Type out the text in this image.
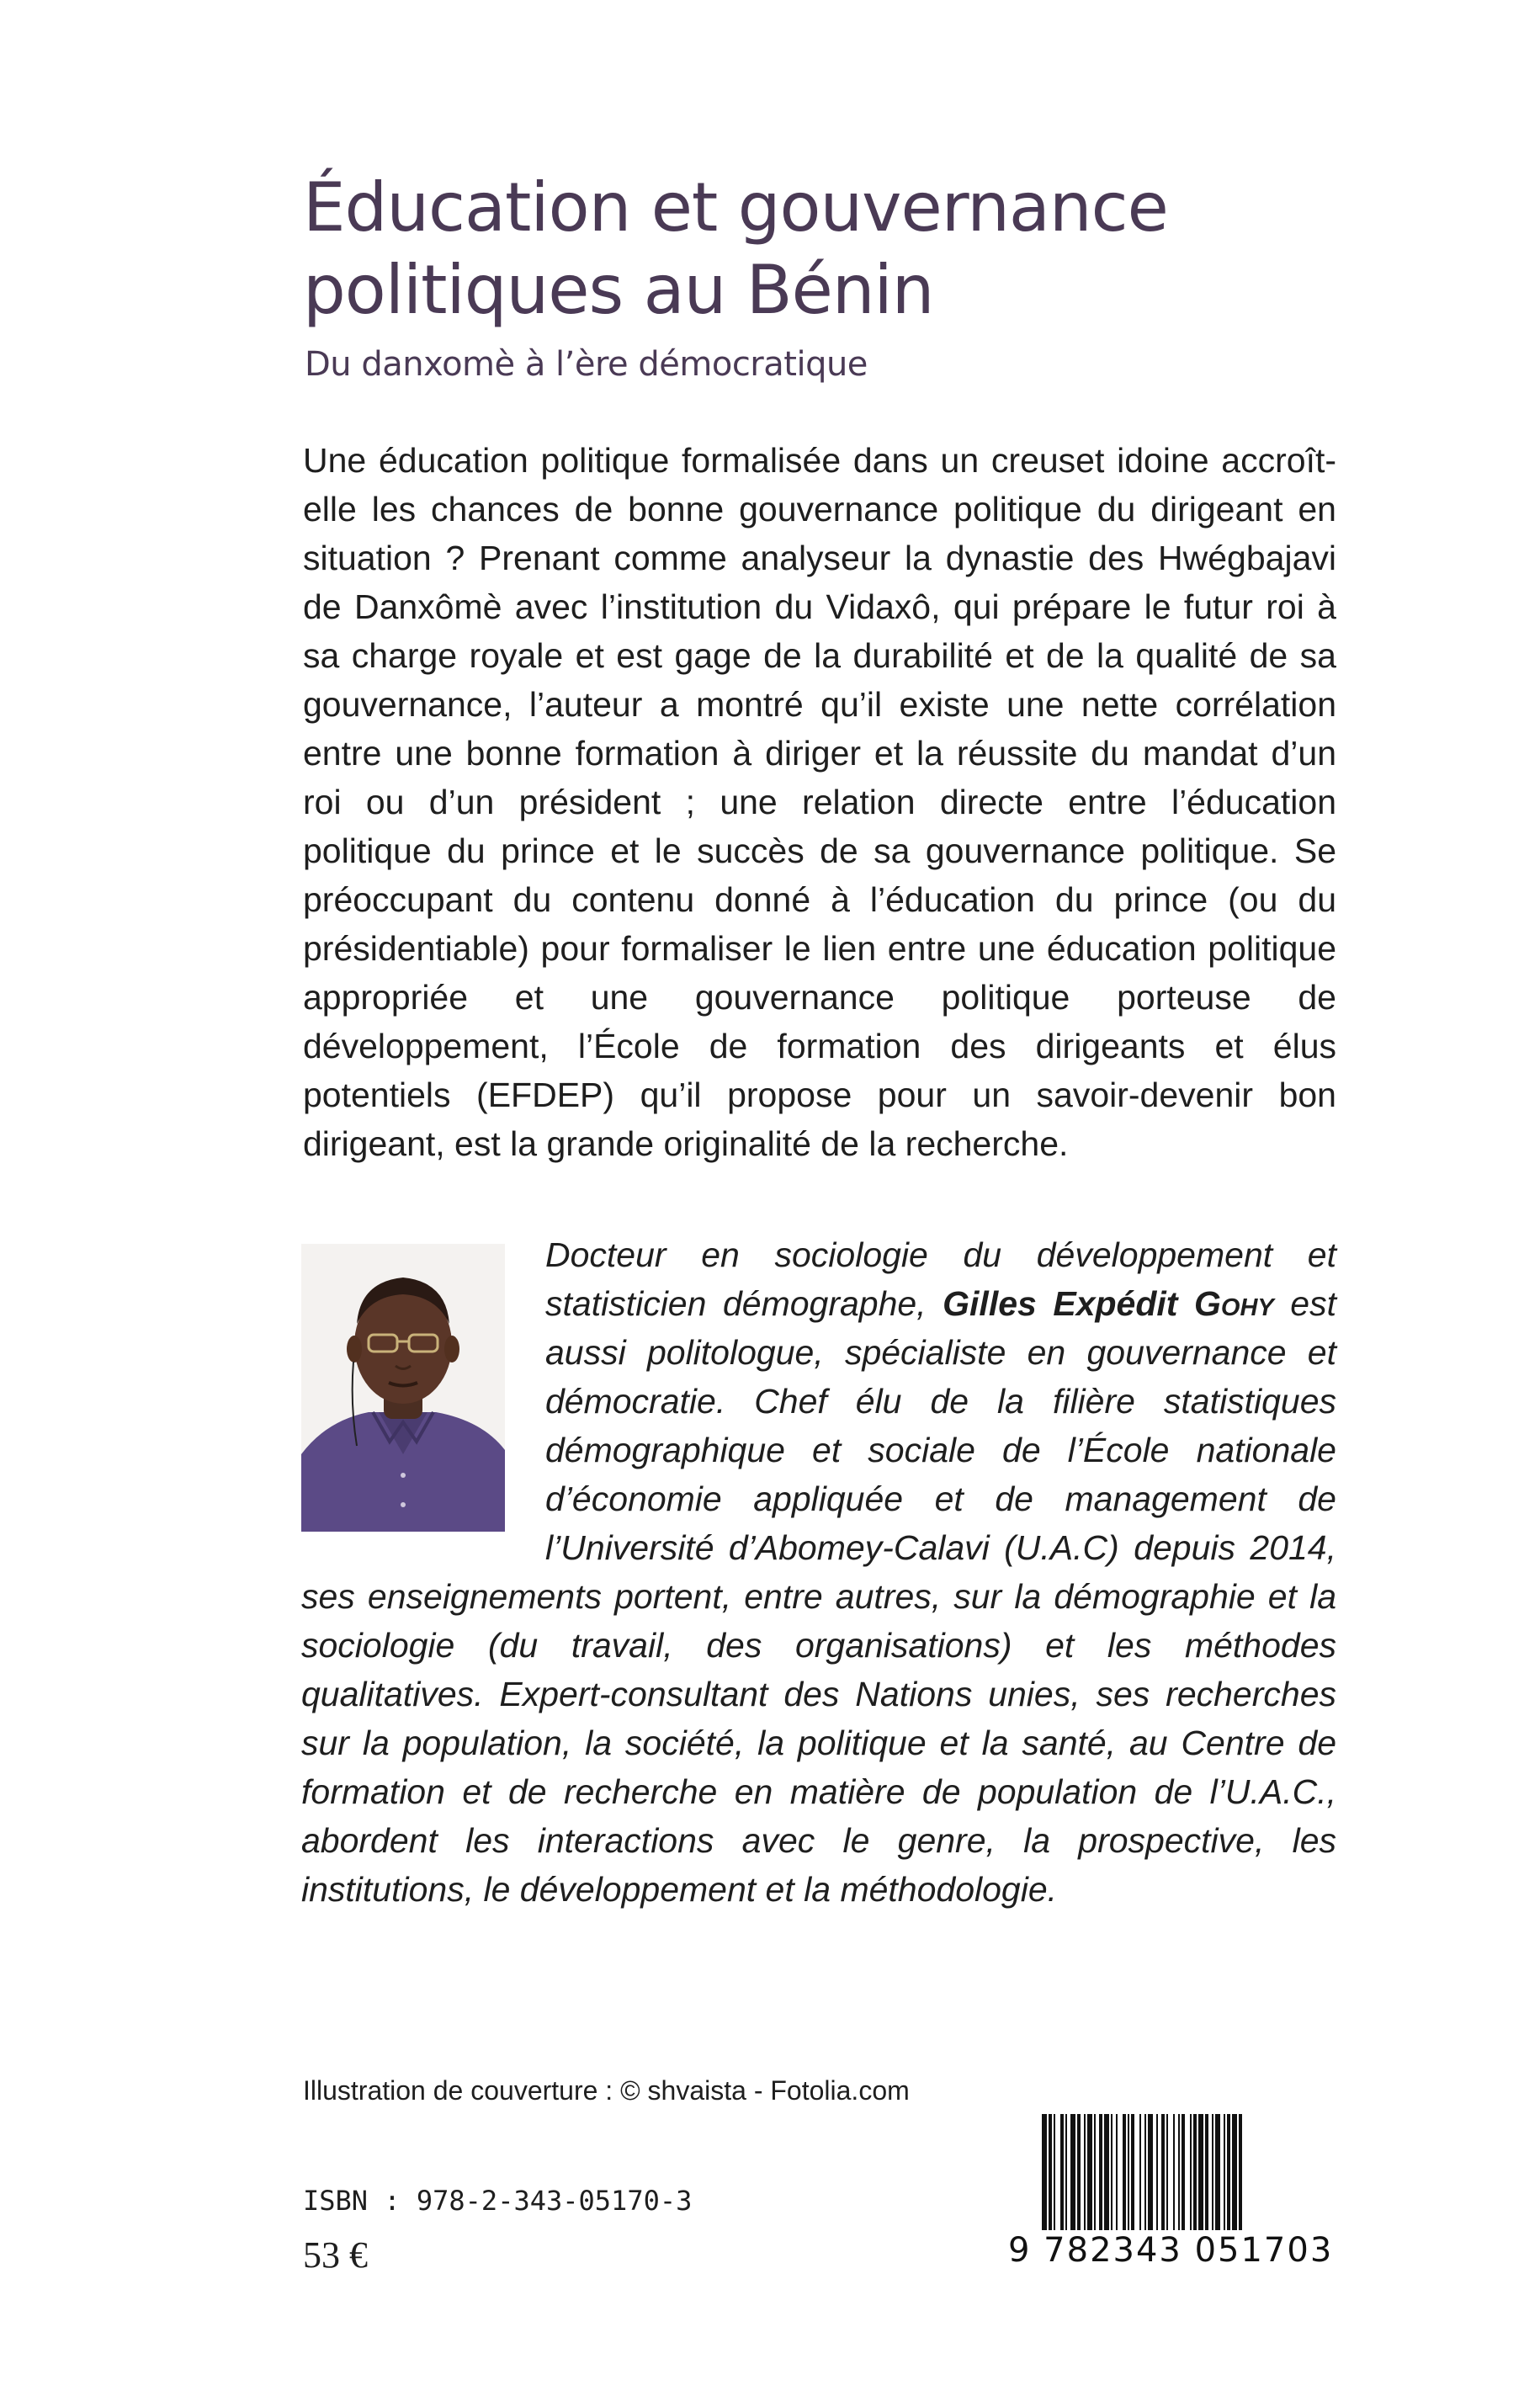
Éducation et gouvernance
politiques au Bénin
Du danxomè à l’ère démocratique

Une éducation politique formalisée dans un creuset idoine accroît-elle les chances de bonne gouvernance politique du dirigeant en situation ? Prenant comme analyseur la dynastie des Hwégbajavi de Danxômè avec l’institution du Vidaxô, qui prépare le futur roi à sa charge royale et est gage de la durabilité et de la qualité de sa gouvernance, l’auteur a montré qu’il existe une nette corrélation entre une bonne formation à diriger et la réussite du mandat d’un roi ou d’un président ; une relation directe entre l’éducation politique du prince et le succès de sa gouvernance politique. Se préoccupant du contenu donné à l’éducation du prince (ou du présidentiable) pour formaliser le lien entre une éducation politique appropriée et une gouvernance politique porteuse de développement, l’École de formation des dirigeants et élus potentiels (EFDEP) qu’il propose pour un savoir-devenir bon dirigeant, est la grande originalité de la recherche.

Docteur en sociologie du développement et statisticien démographe, Gilles Expédit Gohy est aussi politologue, spécialiste en gouvernance et démocratie. Chef élu de la filière statistiques démographique et sociale de l’École nationale d’économie appliquée et de management de l’Université d’Abomey-Calavi (U.A.C) depuis 2014, ses enseignements portent, entre autres, sur la démographie et la sociologie (du travail, des organisations) et les méthodes qualitatives. Expert-consultant des Nations unies, ses recherches sur la population, la société, la politique et la santé, au Centre de formation et de recherche en matière de population de l’U.A.C., abordent les interactions avec le genre, la prospective, les institutions, le développement et la méthodologie.

Illustration de couverture : © shvaista - Fotolia.com
ISBN : 978-2-343-05170-3
53 €	9 782343 051703
